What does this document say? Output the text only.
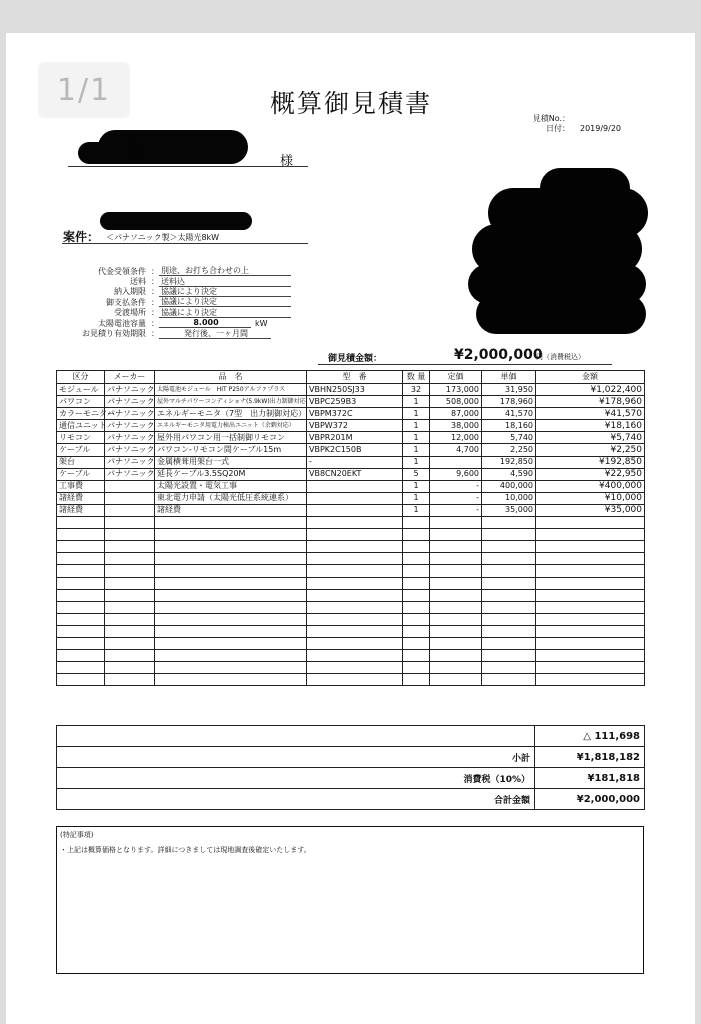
1/1	概算御見積書
見積No. ：
日付 ： 2019/9/20
様
案件： ＜パナソニック製＞太陽光8kW
代金受領条件 ： 別途、お打ち合わせの上
送料 ： 送料込
納入期限 ： 協議により決定
御支払条件 ： 協議により決定
受渡場所 ： 協議により決定
太陽電池容量 ：	8.000	kW
お見積り有効期限 ：	発行後、一ヶ月間
御見積金額：	¥2,000,000
円（消費税込）
区分	メーカー	品　名	型　番	数 量	定価	単価	金額
モジュール	パナソニック	太陽電池モジュール　HIT P250アルファプラス	VBHN250SJ33	32	173,000	31,950	¥1,022,400
パワコン	パナソニック	屋外マルチパワーコンディショナ(5.9kW)出力制御対応	VBPC259B3	1	508,000	178,960	¥178,960
カラーモニター	パナソニック	エネルギーモニタ（7型　出力制御対応）	VBPM372C	1	87,000	41,570	¥41,570
通信ユニット	パナソニック	エネルギーモニタ用電力検出ユニット（余剰対応）	VBPW372	1	38,000	18,160	¥18,160
リモコン	パナソニック	屋外用パワコン用一括制御リモコン	VBPR201M	1	12,000	5,740	¥5,740
ケーブル	パナソニック	パワコン-リモコン間ケーブル15m	VBPK2C150B	1	4,700	2,250	¥2,250
架台	パナソニック	金属横葺用架台一式	-	1		192,850	¥192,850
ケーブル	パナソニック	延長ケーブル3.5SQ20M	VB8CN20EKT	5	9,600	4,590	¥22,950
工事費		太陽光設置・電気工事		1	-	400,000	¥400,000
諸経費		東北電力申請（太陽光低圧系統連系）		1	-	10,000	¥10,000
諸経費		諸経費		1	-	35,000	¥35,000

	△ 111,698
小計	¥1,818,182
消費税（10%）	¥181,818
合計金額	¥2,000,000
(特記事項)
・上記は概算価格となります。詳細につきましては現地調査後確定いたします。
